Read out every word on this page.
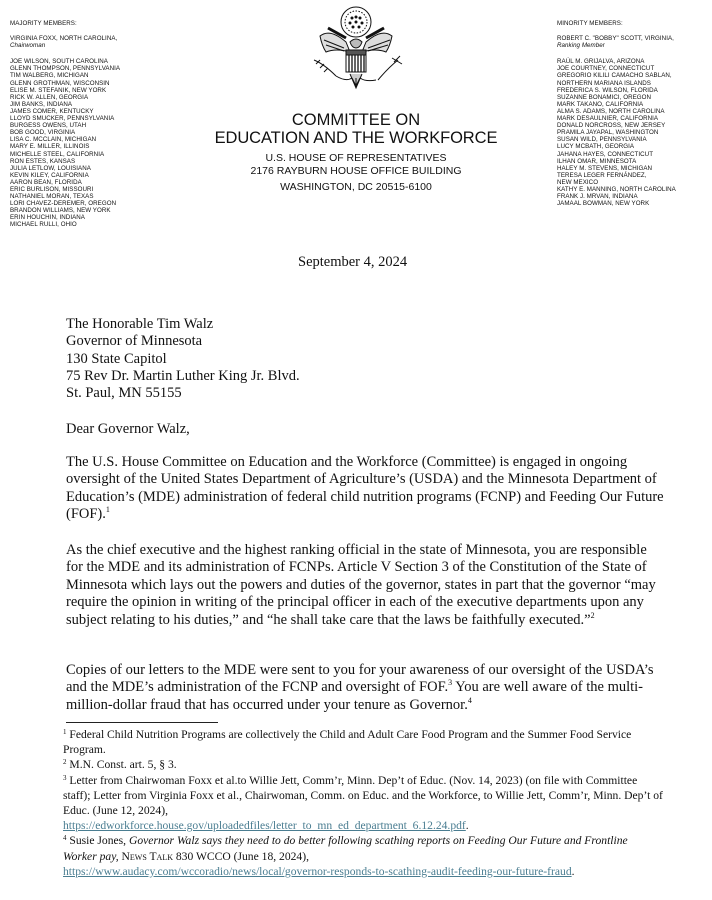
MAJORITY MEMBERS:
VIRGINIA FOXX, NORTH CAROLINA,
Chairwoman
JOE WILSON, SOUTH CAROLINA
GLENN THOMPSON, PENNSYLVANIA
TIM WALBERG, MICHIGAN
GLENN GROTHMAN, WISCONSIN
ELISE M. STEFANIK, NEW YORK
RICK W. ALLEN, GEORGIA
JIM BANKS, INDIANA
JAMES COMER, KENTUCKY
LLOYD SMUCKER, PENNSYLVANIA
BURGESS OWENS, UTAH
BOB GOOD, VIRGINIA
LISA C. MCCLAIN, MICHIGAN
MARY E. MILLER, ILLINOIS
MICHELLE STEEL, CALIFORNIA
RON ESTES, KANSAS
JULIA LETLOW, LOUISIANA
KEVIN KILEY, CALIFORNIA
AARON BEAN, FLORIDA
ERIC BURLISON, MISSOURI
NATHANIEL MORAN, TEXAS
LORI CHAVEZ-DEREMER, OREGON
BRANDON WILLIAMS, NEW YORK
ERIN HOUCHIN, INDIANA
MICHAEL RULLI, OHIO
COMMITTEE ON
EDUCATION AND THE WORKFORCE
U.S. HOUSE OF REPRESENTATIVES
2176 RAYBURN HOUSE OFFICE BUILDING
WASHINGTON, DC 20515-6100
MINORITY MEMBERS:
ROBERT C. "BOBBY" SCOTT, VIRGINIA,
Ranking Member
RAÚL M. GRIJALVA, ARIZONA
JOE COURTNEY, CONNECTICUT
GREGORIO KILILI CAMACHO SABLAN,
NORTHERN MARIANA ISLANDS
FREDERICA S. WILSON, FLORIDA
SUZANNE BONAMICI, OREGON
MARK TAKANO, CALIFORNIA
ALMA S. ADAMS, NORTH CAROLINA
MARK DESAULNIER, CALIFORNIA
DONALD NORCROSS, NEW JERSEY
PRAMILA JAYAPAL, WASHINGTON
SUSAN WILD, PENNSYLVANIA
LUCY MCBATH, GEORGIA
JAHANA HAYES, CONNECTICUT
ILHAN OMAR, MINNESOTA
HALEY M. STEVENS, MICHIGAN
TERESA LEGER FERNÁNDEZ,
NEW MEXICO
KATHY E. MANNING, NORTH CAROLINA
FRANK J. MRVAN, INDIANA
JAMAAL BOWMAN, NEW YORK
September 4, 2024
The Honorable Tim Walz
Governor of Minnesota
130 State Capitol
75 Rev Dr. Martin Luther King Jr. Blvd.
St. Paul, MN 55155
Dear Governor Walz,
The U.S. House Committee on Education and the Workforce (Committee) is engaged in ongoing oversight of the United States Department of Agriculture’s (USDA) and the Minnesota Department of Education’s (MDE) administration of federal child nutrition programs (FCNP) and Feeding Our Future (FOF).$^1$
As the chief executive and the highest ranking official in the state of Minnesota, you are responsible for the MDE and its administration of FCNPs. Article V Section 3 of the Constitution of the State of Minnesota which lays out the powers and duties of the governor, states in part that the governor “may require the opinion in writing of the principal officer in each of the executive departments upon any subject relating to his duties,” and “he shall take care that the laws be faithfully executed.”$^2$
Copies of our letters to the MDE were sent to you for your awareness of our oversight of the USDA’s and the MDE’s administration of the FCNP and oversight of FOF.$^3$ You are well aware of the multi-million-dollar fraud that has occurred under your tenure as Governor.$^4$
$^1$ Federal Child Nutrition Programs are collectively the Child and Adult Care Food Program and the Summer Food Service Program.
$^2$ M.N. Const. art. 5, § 3.
$^3$ Letter from Chairwoman Foxx et al.to Willie Jett, Comm’r, Minn. Dep’t of Educ. (Nov. 14, 2023) (on file with Committee staff); Letter from Virginia Foxx et al., Chairwoman, Comm. on Educ. and the Workforce, to Willie Jett, Comm’r, Minn. Dep’t of Educ. (June 12, 2024),
https://edworkforce.house.gov/uploadedfiles/letter_to_mn_ed_department_6.12.24.pdf.
$^4$ Susie Jones, Governor Walz says they need to do better following scathing reports on Feeding Our Future and Frontline Worker pay, News Talk 830 WCCO (June 18, 2024),
https://www.audacy.com/wccoradio/news/local/governor-responds-to-scathing-audit-feeding-our-future-fraud.
